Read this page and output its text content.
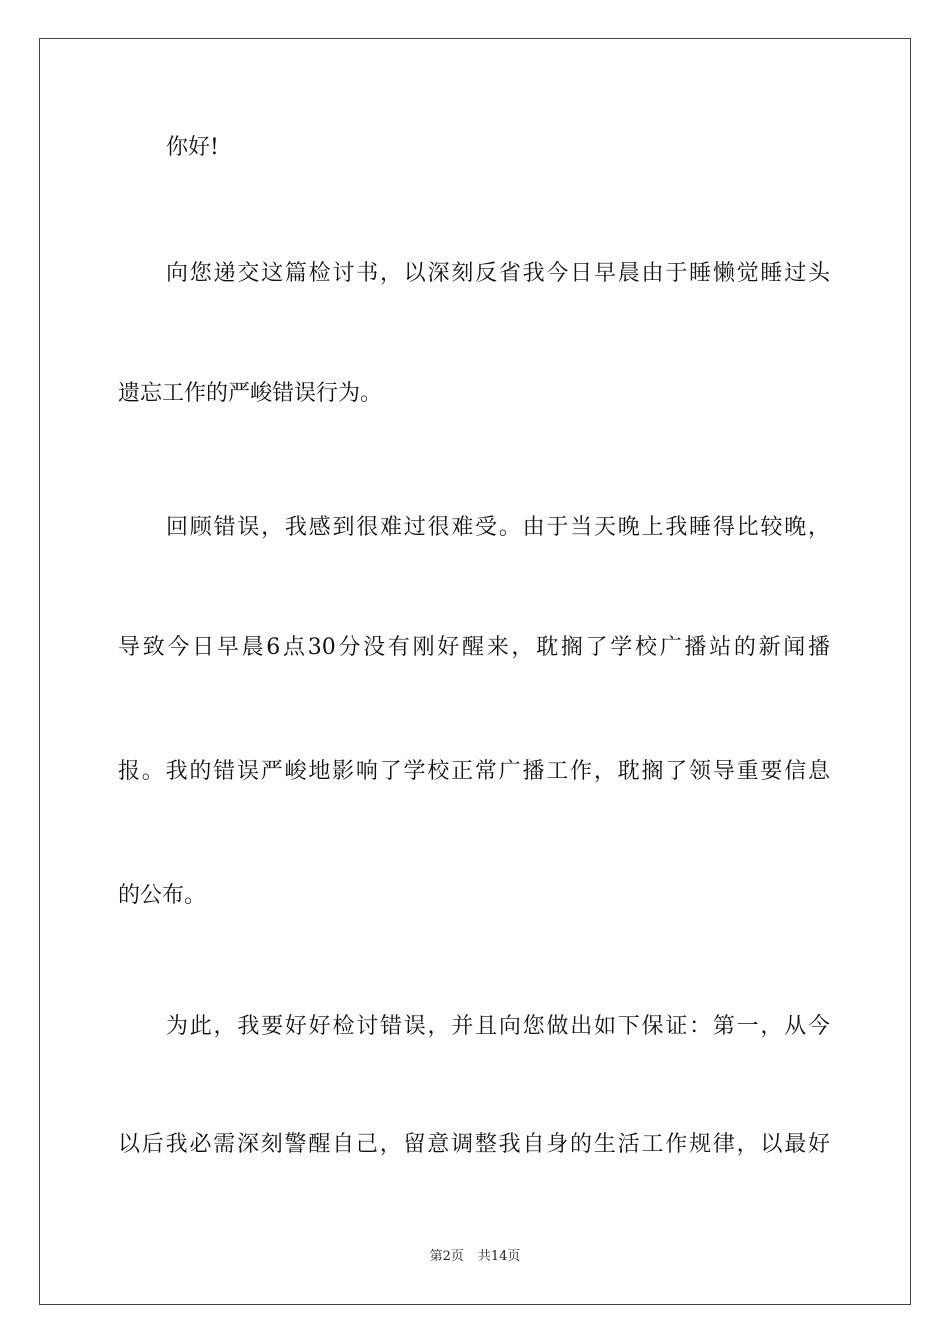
你好!
向您递交这篇检讨书，以深刻反省我今日早晨由于睡懒觉睡过头
遗忘工作的严峻错误行为。
回顾错误，我感到很难过很难受。由于当天晚上我睡得比较晚，
导致今日早晨6点30分没有刚好醒来，耽搁了学校广播站的新闻播
报。我的错误严峻地影响了学校正常广播工作，耽搁了领导重要信息
的公布。
为此，我要好好检讨错误，并且向您做出如下保证：第一，从今
以后我必需深刻警醒自己，留意调整我自身的生活工作规律，以最好
第2页 共14页
